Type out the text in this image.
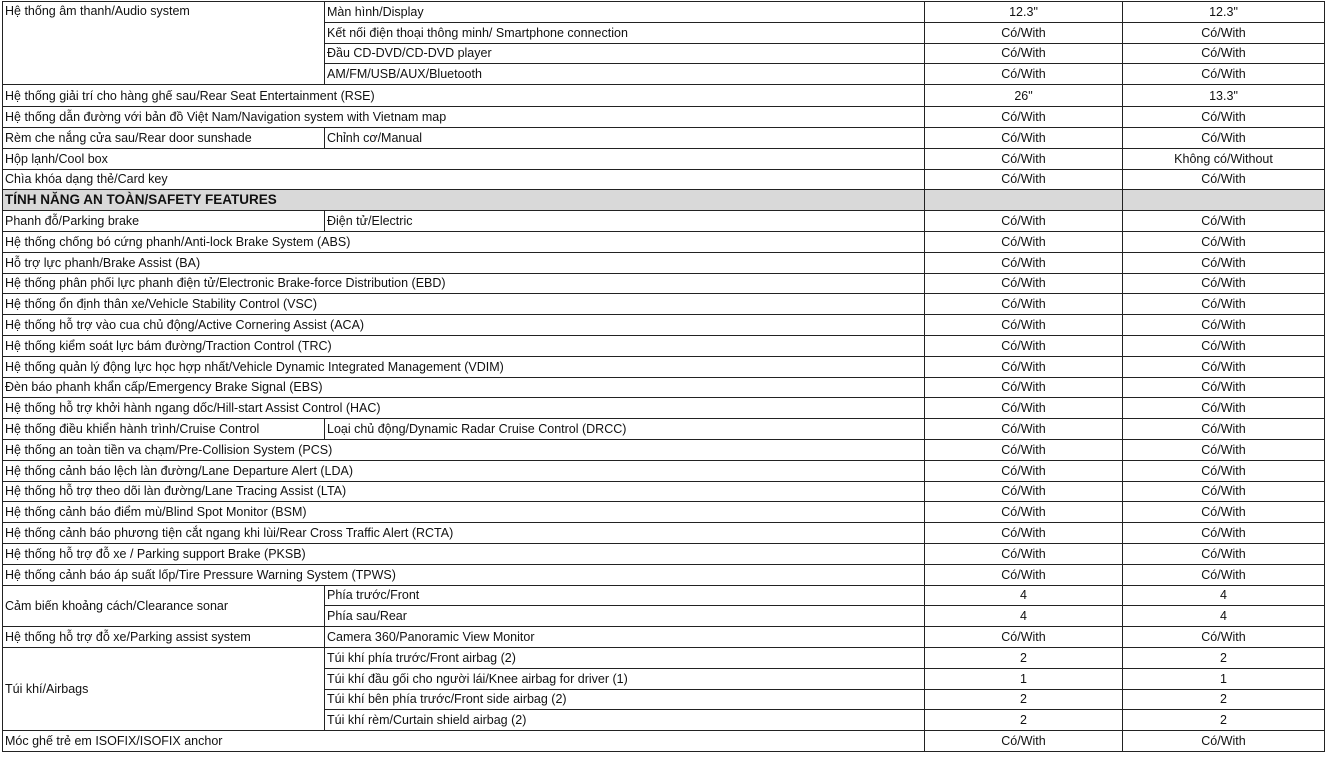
Hệ thống âm thanh/Audio system	Màn hình/Display	12.3"	12.3"
	Kết nối điện thoại thông minh/ Smartphone connection	Có/With	Có/With
	Đầu CD-DVD/CD-DVD player	Có/With	Có/With
	AM/FM/USB/AUX/Bluetooth	Có/With	Có/With
Hệ thống giải trí cho hàng ghế sau/Rear Seat Entertainment (RSE)		26"	13.3"
Hệ thống dẫn đường với bản đồ Việt Nam/Navigation system with Vietnam map		Có/With	Có/With
Rèm che nắng cửa sau/Rear door sunshade	Chỉnh cơ/Manual	Có/With	Có/With
Hộp lạnh/Cool box		Có/With	Không có/Without
Chìa khóa dạng thẻ/Card key		Có/With	Có/With
TÍNH NĂNG AN TOÀN/SAFETY FEATURES			
Phanh đỗ/Parking brake	Điện tử/Electric	Có/With	Có/With
Hệ thống chống bó cứng phanh/Anti-lock Brake System (ABS)		Có/With	Có/With
Hỗ trợ lực phanh/Brake Assist (BA)		Có/With	Có/With
Hệ thống phân phối lực phanh điện tử/Electronic Brake-force Distribution (EBD)		Có/With	Có/With
Hệ thống ổn định thân xe/Vehicle Stability Control (VSC)		Có/With	Có/With
Hệ thống hỗ trợ vào cua chủ động/Active Cornering Assist (ACA)		Có/With	Có/With
Hệ thống kiểm soát lực bám đường/Traction Control (TRC)		Có/With	Có/With
Hệ thống quản lý động lực học hợp nhất/Vehicle Dynamic Integrated Management (VDIM)		Có/With	Có/With
Đèn báo phanh khẩn cấp/Emergency Brake Signal (EBS)		Có/With	Có/With
Hệ thống hỗ trợ khởi hành ngang dốc/Hill-start Assist Control (HAC)		Có/With	Có/With
Hệ thống điều khiển hành trình/Cruise Control	Loại chủ động/Dynamic Radar Cruise Control (DRCC)	Có/With	Có/With
Hệ thống an toàn tiền va chạm/Pre-Collision System (PCS)		Có/With	Có/With
Hệ thống cảnh báo lệch làn đường/Lane Departure Alert (LDA)		Có/With	Có/With
Hệ thống hỗ trợ theo dõi làn đường/Lane Tracing Assist (LTA)		Có/With	Có/With
Hệ thống cảnh báo điểm mù/Blind Spot Monitor (BSM)		Có/With	Có/With
Hệ thống cảnh báo phương tiện cắt ngang khi lùi/Rear Cross Traffic Alert (RCTA)		Có/With	Có/With
Hệ thống hỗ trợ đỗ xe / Parking support Brake (PKSB)		Có/With	Có/With
Hệ thống cảnh báo áp suất lốp/Tire Pressure Warning System (TPWS)		Có/With	Có/With
Cảm biến khoảng cách/Clearance sonar	Phía trước/Front	4	4
	Phía sau/Rear	4	4
Hệ thống hỗ trợ đỗ xe/Parking assist system	Camera 360/Panoramic View Monitor	Có/With	Có/With
Túi khí/Airbags	Túi khí phía trước/Front airbag (2)	2	2
	Túi khí đầu gối cho người lái/Knee airbag for driver (1)	1	1
	Túi khí bên phía trước/Front side airbag (2)	2	2
	Túi khí rèm/Curtain shield airbag (2)	2	2
Móc ghế trẻ em ISOFIX/ISOFIX anchor		Có/With	Có/With
